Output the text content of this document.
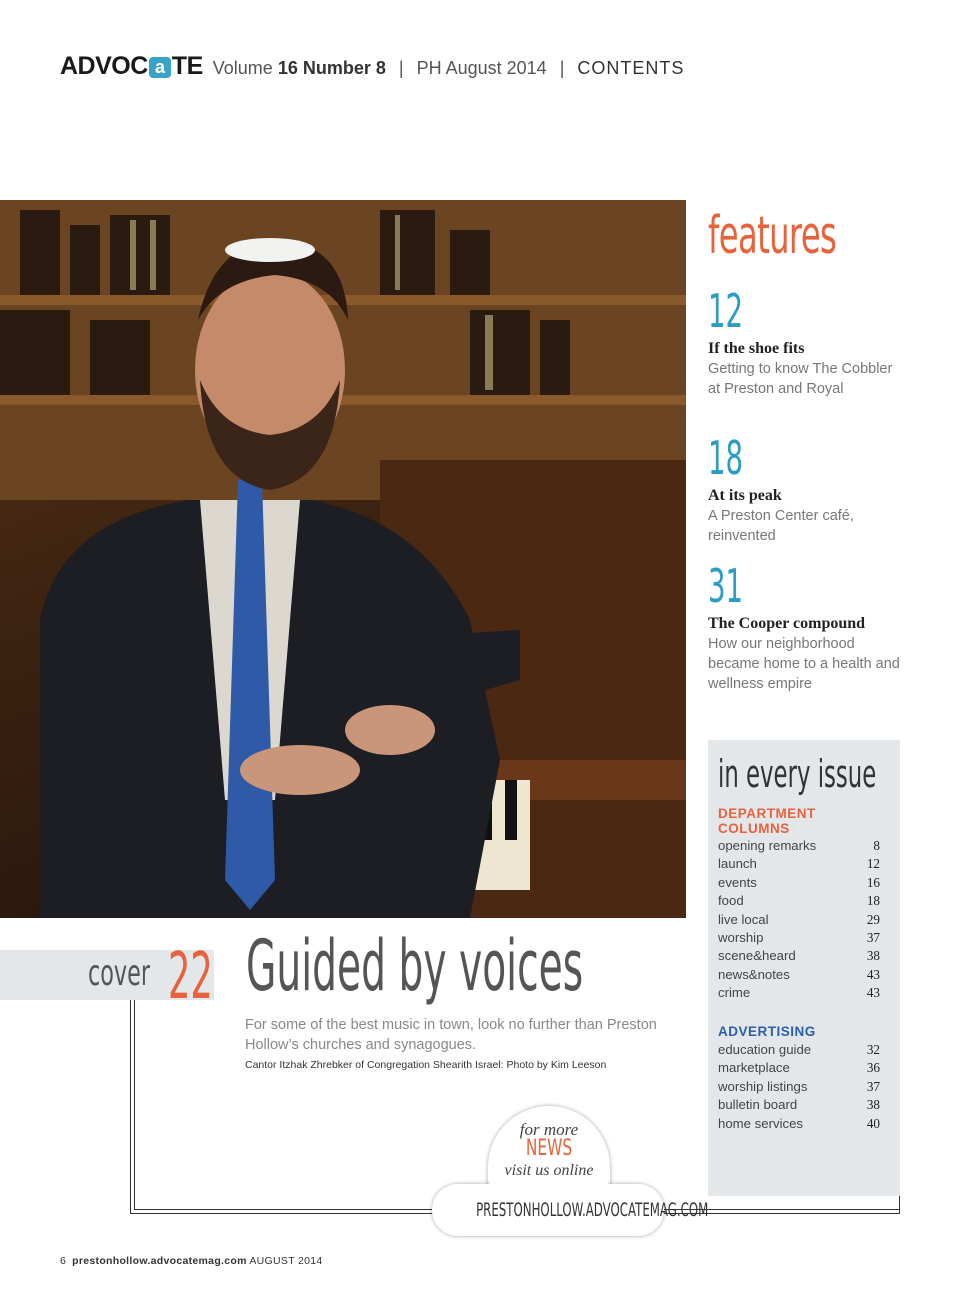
ADVOC a TE Volume 16 Number 8 | PH August 2014 | CONTENTS
features
12
If the shoe fits
Getting to know The Cobbler at Preston and Royal
18
At its peak
A Preston Center café, reinvented
31
The Cooper compound
How our neighborhood became home to a health and wellness empire
in every issue
DEPARTMENT COLUMNS
opening remarks	8
launch	12
events	16
food	18
live local	29
worship	37
scene&heard	38
news&notes	43
crime	43
ADVERTISING
education guide	32
marketplace	36
worship listings	37
bulletin board	38
home services	40
cover 22 Guided by voices
For some of the best music in town, look no further than Preston Hollow’s churches and synagogues.
Cantor Itzhak Zhrebker of Congregation Shearith Israel: Photo by Kim Leeson
for more
NEWS
visit us online
PRESTONHOLLOW.ADVOCATEMAG.COM
6 prestonhollow.advocatemag.com AUGUST 2014
